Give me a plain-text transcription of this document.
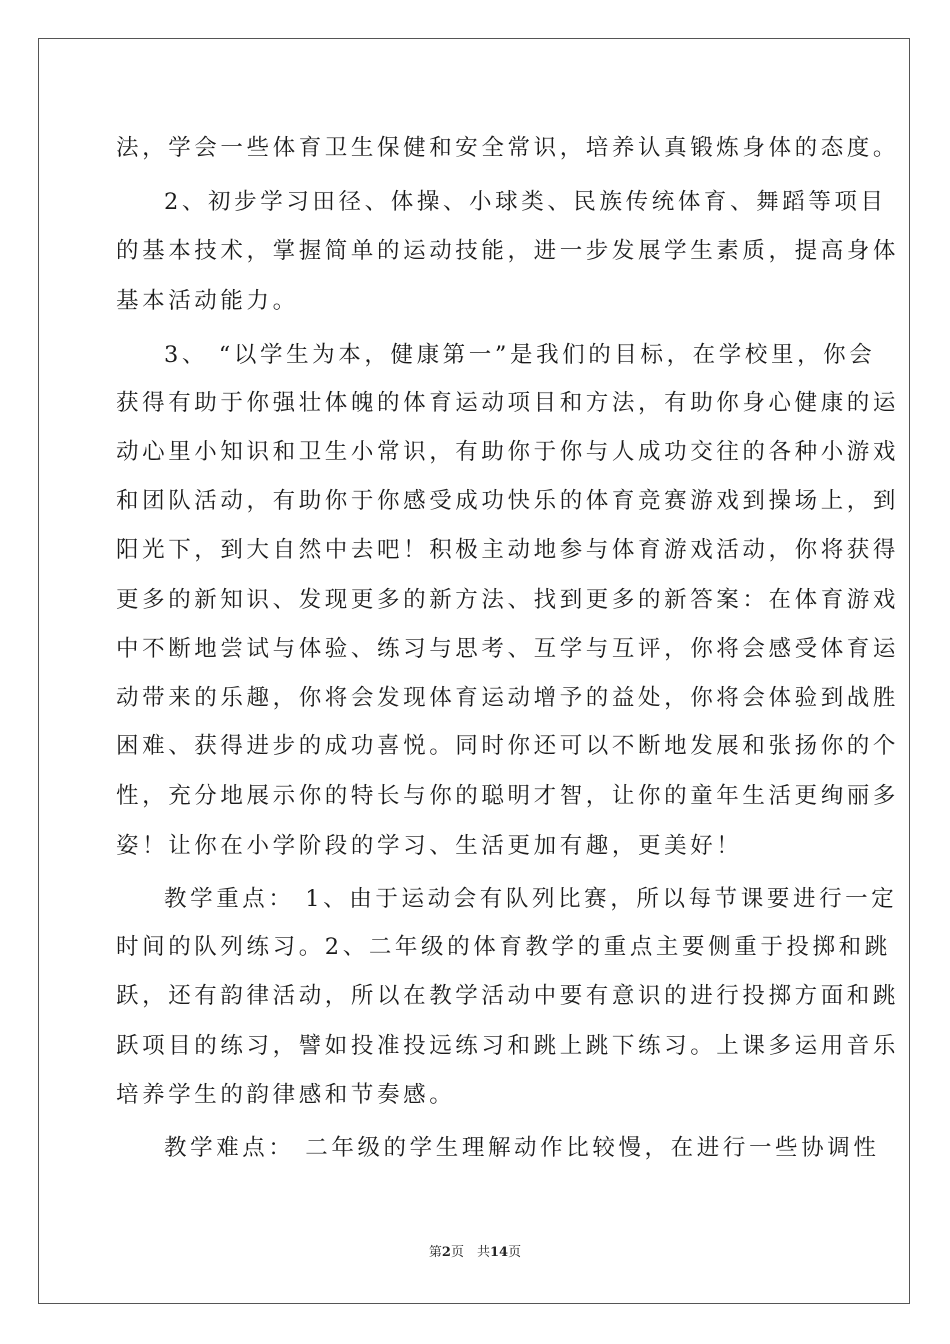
法，学会一些体育卫生保健和安全常识，培养认真锻炼身体的态度。
2、初步学习田径、体操、小球类、民族传统体育、舞蹈等项目
的基本技术，掌握简单的运动技能，进一步发展学生素质，提高身体
基本活动能力。
3、 “以学生为本，健康第一”是我们的目标，在学校里，你会
获得有助于你强壮体魄的体育运动项目和方法，有助你身心健康的运
动心里小知识和卫生小常识，有助你于你与人成功交往的各种小游戏
和团队活动，有助你于你感受成功快乐的体育竞赛游戏到操场上，到
阳光下，到大自然中去吧！积极主动地参与体育游戏活动，你将获得
更多的新知识、发现更多的新方法、找到更多的新答案：在体育游戏
中不断地尝试与体验、练习与思考、互学与互评，你将会感受体育运
动带来的乐趣，你将会发现体育运动增予的益处，你将会体验到战胜
困难、获得进步的成功喜悦。同时你还可以不断地发展和张扬你的个
性，充分地展示你的特长与你的聪明才智，让你的童年生活更绚丽多
姿！让你在小学阶段的学习、生活更加有趣，更美好！
教学重点： 1、由于运动会有队列比赛，所以每节课要进行一定
时间的队列练习。2、二年级的体育教学的重点主要侧重于投掷和跳
跃，还有韵律活动，所以在教学活动中要有意识的进行投掷方面和跳
跃项目的练习，譬如投准投远练习和跳上跳下练习。上课多运用音乐
培养学生的韵律感和节奏感。
教学难点： 二年级的学生理解动作比较慢，在进行一些协调性
第2页　共14页
